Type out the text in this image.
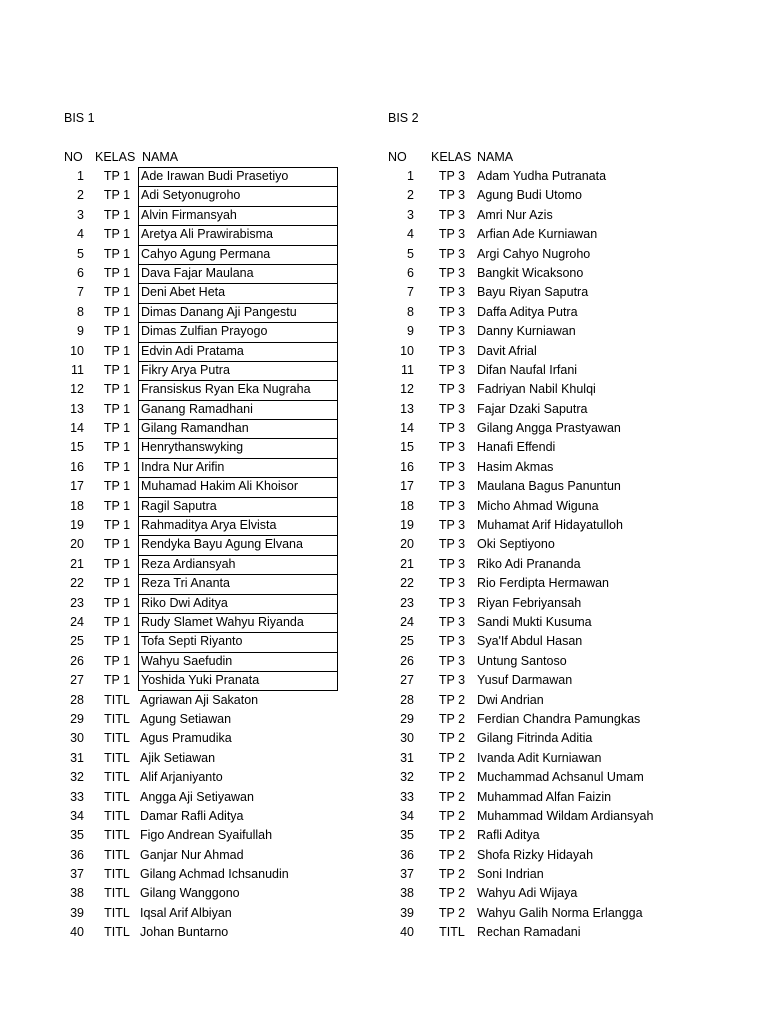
BIS 1
NO KELAS NAMA
1	TP 1 Ade Irawan Budi Prasetiyo
2	TP 1 Adi Setyonugroho
3	TP 1 Alvin Firmansyah
4	TP 1 Aretya Ali Prawirabisma
5	TP 1 Cahyo Agung Permana
6	TP 1 Dava Fajar Maulana
7	TP 1 Deni Abet Heta
8	TP 1 Dimas Danang Aji Pangestu
9	TP 1 Dimas Zulfian Prayogo
10	TP 1 Edvin Adi Pratama
11	TP 1 Fikry Arya Putra
12	TP 1 Fransiskus Ryan Eka Nugraha
13	TP 1 Ganang Ramadhani
14	TP 1 Gilang Ramandhan
15	TP 1 Henrythanswyking
16	TP 1 Indra Nur Arifin
17	TP 1 Muhamad Hakim Ali Khoisor
18	TP 1 Ragil Saputra
19	TP 1 Rahmaditya Arya Elvista
20	TP 1 Rendyka Bayu Agung Elvana
21	TP 1 Reza Ardiansyah
22	TP 1 Reza Tri Ananta
23	TP 1 Riko Dwi Aditya
24	TP 1 Rudy Slamet Wahyu Riyanda
25	TP 1 Tofa Septi Riyanto
26	TP 1 Wahyu Saefudin
27	TP 1 Yoshida Yuki Pranata
28	TITL Agriawan Aji Sakaton
29	TITL Agung Setiawan
30	TITL Agus Pramudika
31	TITL Ajik Setiawan
32	TITL Alif Arjaniyanto
33	TITL Angga Aji Setiyawan
34	TITL Damar Rafli Aditya
35	TITL Figo Andrean Syaifullah
36	TITL Ganjar Nur Ahmad
37	TITL Gilang Achmad Ichsanudin
38	TITL Gilang Wanggono
39	TITL Iqsal Arif Albiyan
40	TITL Johan Buntarno
BIS 2
NO KELAS NAMA
1	TP 3 Adam Yudha Putranata
2	TP 3 Agung Budi Utomo
3	TP 3 Amri Nur Azis
4	TP 3 Arfian Ade Kurniawan
5	TP 3 Argi Cahyo Nugroho
6	TP 3 Bangkit Wicaksono
7	TP 3 Bayu Riyan Saputra
8	TP 3 Daffa Aditya Putra
9	TP 3 Danny Kurniawan
10	TP 3 Davit Afrial
11	TP 3 Difan Naufal Irfani
12	TP 3 Fadriyan Nabil Khulqi
13	TP 3 Fajar Dzaki Saputra
14	TP 3 Gilang Angga Prastyawan
15	TP 3 Hanafi Effendi
16	TP 3 Hasim Akmas
17	TP 3 Maulana Bagus Panuntun
18	TP 3 Micho Ahmad Wiguna
19	TP 3 Muhamat Arif Hidayatulloh
20	TP 3 Oki Septiyono
21	TP 3 Riko Adi Prananda
22	TP 3 Rio Ferdipta Hermawan
23	TP 3 Riyan Febriyansah
24	TP 3 Sandi Mukti Kusuma
25	TP 3 Sya'If Abdul Hasan
26	TP 3 Untung Santoso
27	TP 3 Yusuf Darmawan
28	TP 2 Dwi Andrian
29	TP 2 Ferdian Chandra Pamungkas
30	TP 2 Gilang Fitrinda Aditia
31	TP 2 Ivanda Adit Kurniawan
32	TP 2 Muchammad Achsanul Umam
33	TP 2 Muhammad Alfan Faizin
34	TP 2 Muhammad Wildam Ardiansyah
35	TP 2 Rafli Aditya
36	TP 2 Shofa Rizky Hidayah
37	TP 2 Soni Indrian
38	TP 2 Wahyu Adi Wijaya
39	TP 2 Wahyu Galih Norma Erlangga
40	TITL Rechan Ramadani
